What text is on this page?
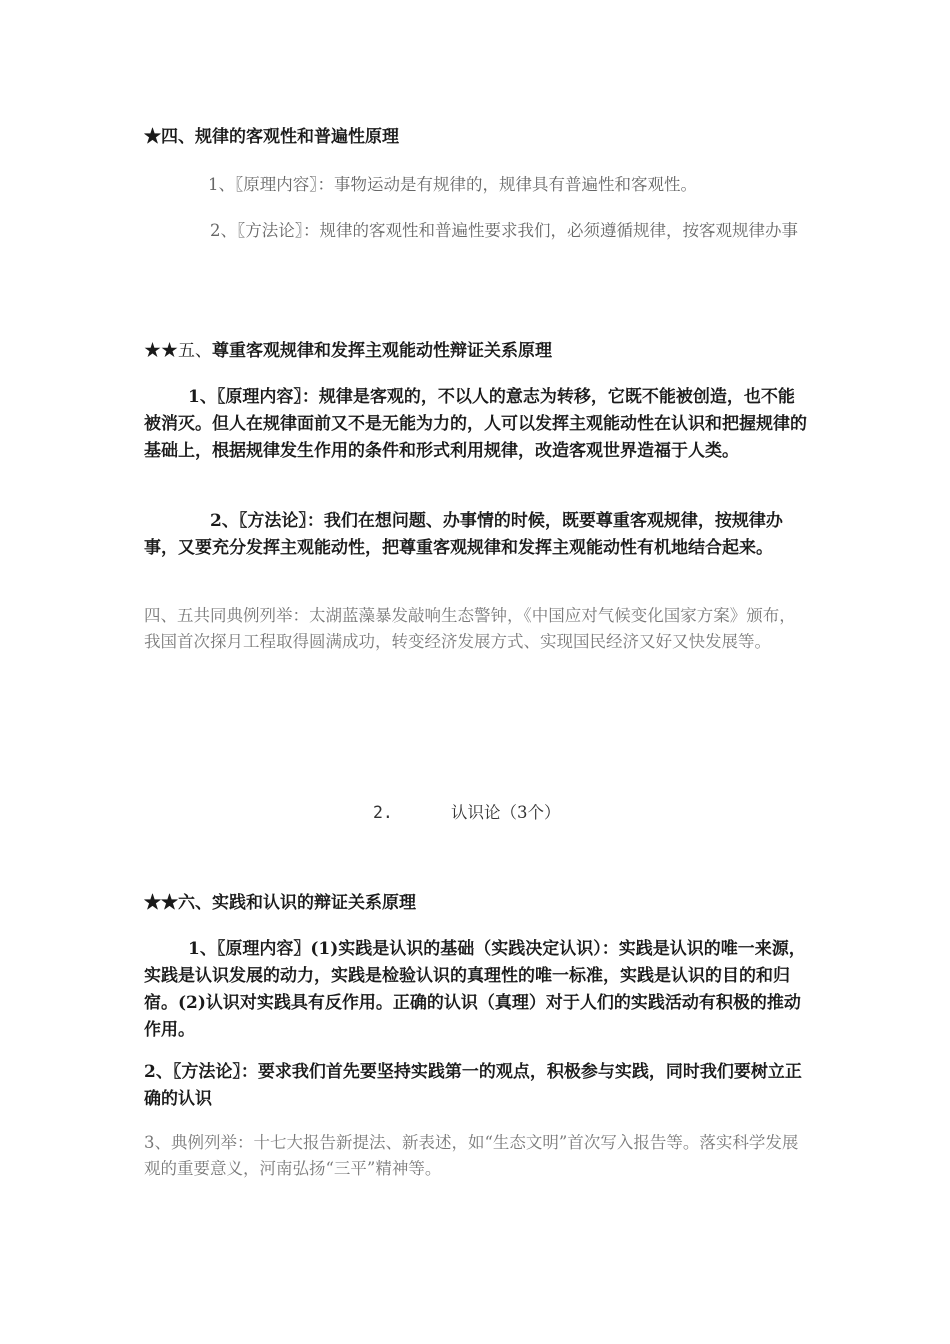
★四、规律的客观性和普遍性原理

1、〖原理内容〗：事物运动是有规律的，规律具有普遍性和客观性。

2、〖方法论〗：规律的客观性和普遍性要求我们，必须遵循规律，按客观规律办事

★★五、尊重客观规律和发挥主观能动性辩证关系原理

1、〖原理内容〗：规律是客观的，不以人的意志为转移，它既不能被创造，也不能被消灭。但人在规律面前又不是无能为力的，人可以发挥主观能动性在认识和把握规律的基础上，根据规律发生作用的条件和形式利用规律，改造客观世界造福于人类。

2、〖方法论〗：我们在想问题、办事情的时候，既要尊重客观规律，按规律办事，又要充分发挥主观能动性，把尊重客观规律和发挥主观能动性有机地结合起来。

四、五共同典例列举：太湖蓝藻暴发敲响生态警钟，《中国应对气候变化国家方案》颁布，我国首次探月工程取得圆满成功，转变经济发展方式、实现国民经济又好又快发展等。

2.	认识论（3个）

★★六、实践和认识的辩证关系原理

1、〖原理内容〗(1)实践是认识的基础（实践决定认识）：实践是认识的唯一来源，实践是认识发展的动力，实践是检验认识的真理性的唯一标准，实践是认识的目的和归宿。(2)认识对实践具有反作用。正确的认识（真理）对于人们的实践活动有积极的推动作用。

2、〖方法论〗：要求我们首先要坚持实践第一的观点，积极参与实践，同时我们要树立正确的认识

3、典例列举：十七大报告新提法、新表述，如“生态文明”首次写入报告等。落实科学发展观的重要意义，河南弘扬“三平”精神等。
